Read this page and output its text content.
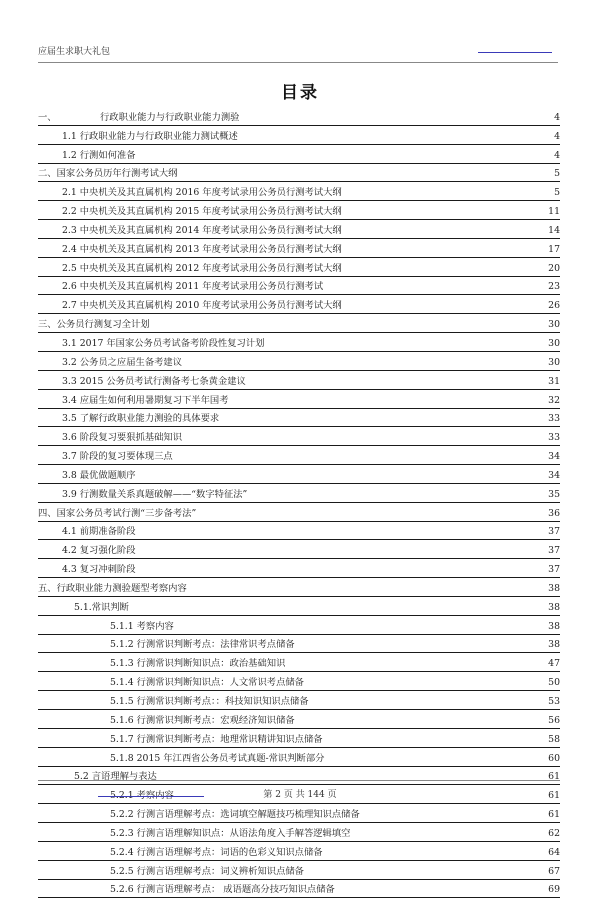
应届生求职大礼包
目录
一、	行政职业能力与行政职业能力测验	4
1.1 行政职业能力与行政职业能力测试概述	4
1.2 行测如何准备	4
二、国家公务员历年行测考试大纲	5
2.1 中央机关及其直属机构 2016 年度考试录用公务员行测考试大纲	5
2.2 中央机关及其直属机构 2015 年度考试录用公务员行测考试大纲	11
2.3 中央机关及其直属机构 2014 年度考试录用公务员行测考试大纲	14
2.4 中央机关及其直属机构 2013 年度考试录用公务员行测考试大纲	17
2.5 中央机关及其直属机构 2012 年度考试录用公务员行测考试大纲	20
2.6 中央机关及其直属机构 2011 年度考试录用公务员行测考试	23
2.7 中央机关及其直属机构 2010 年度考试录用公务员行测考试大纲	26
三、公务员行测复习全计划	30
3.1 2017 年国家公务员考试备考阶段性复习计划	30
3.2 公务员之应届生备考建议	30
3.3 2015 公务员考试行测备考七条黄金建议	31
3.4 应届生如何利用暑期复习下半年国考	32
3.5 了解行政职业能力测验的具体要求	33
3.6 阶段复习要狠抓基础知识	33
3.7 阶段的复习要体现三点	34
3.8 最优做题顺序	34
3.9 行测数量关系真题破解——“数字特征法”	35
四、国家公务员考试行测“三步备考法”	36
4.1 前期准备阶段	37
4.2 复习强化阶段	37
4.3 复习冲刺阶段	37
五、行政职业能力测验题型考察内容	38
5.1.常识判断	38
5.1.1 考察内容	38
5.1.2 行测常识判断考点：法律常识考点储备	38
5.1.3 行测常识判断知识点：政治基础知识	47
5.1.4 行测常识判断知识点：人文常识考点储备	50
5.1.5 行测常识判断考点：：科技知识知识点储备	53
5.1.6 行测常识判断考点：宏观经济知识储备	56
5.1.7 行测常识判断考点：地理常识精讲知识点储备	58
5.1.8 2015 年江西省公务员考试真题-常识判断部分	60
5.2 言语理解与表达	61
5.2.1 考察内容	61
5.2.2 行测言语理解考点：选词填空解题技巧梳理知识点储备	61
5.2.3 行测言语理解知识点：从语法角度入手解答逻辑填空	62
5.2.4 行测言语理解考点：词语的色彩义知识点储备	64
5.2.5 行测言语理解考点：词义辨析知识点储备	67
5.2.6 行测言语理解考点： 成语题高分技巧知识点储备	69
第 2 页 共 144 页
